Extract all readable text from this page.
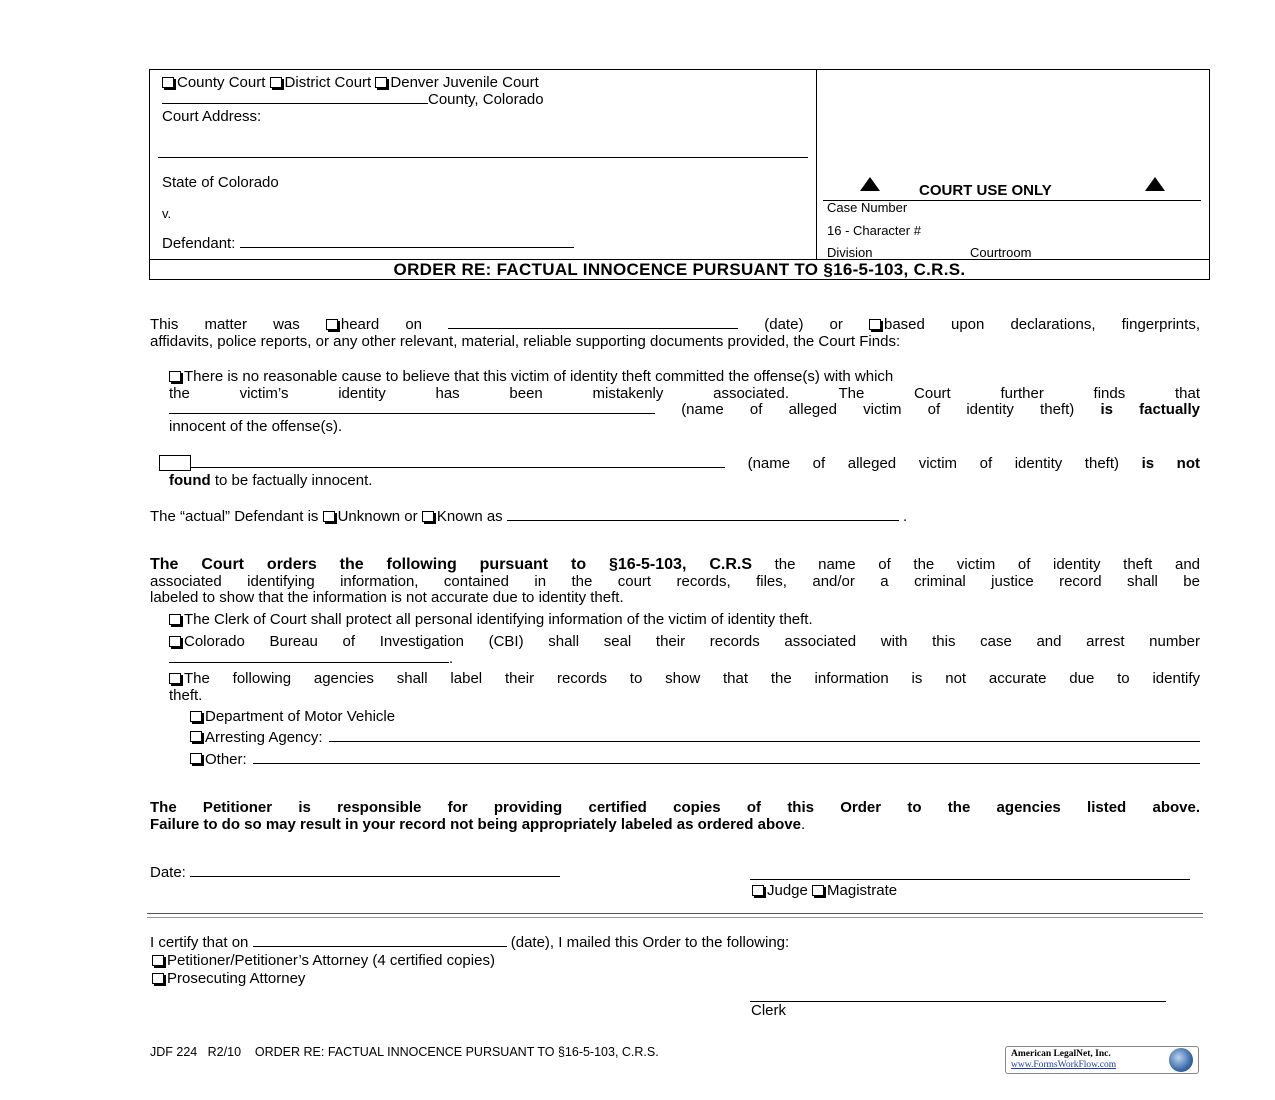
County Court District Court Denver Juvenile Court
County, Colorado
Court Address:
State of Colorado
v.
Defendant:
COURT USE ONLY
Case Number
16 - Character #
Division	Courtroom
ORDER RE: FACTUAL INNOCENCE PURSUANT TO §16-5-103, C.R.S.

This matter was	heard on	(date) or	based upon declarations, fingerprints,

affidavits, police reports, or any other relevant, material, reliable supporting documents provided, the Court Finds:

There is no reasonable cause to believe that this victim of identity theft committed the offense(s) with which

the victim’s identity has been mistakenly associated. The Court further finds that

(name of alleged victim of identity theft) is factually

innocent of the offense(s).

(name of alleged victim of identity theft) is not

found to be factually innocent.

The “actual” Defendant is Unknown or Known as	.

The Court orders the following pursuant to §16-5-103, C.R.S the name of the victim of identity theft and

associated identifying information, contained in the court records, files, and/or a criminal justice record shall be

labeled to show that the information is not accurate due to identity theft.

The Clerk of Court shall protect all personal identifying information of the victim of identity theft.

Colorado Bureau of Investigation (CBI) shall seal their records associated with this case and arrest number

.

The following agencies shall label their records to show that the information is not accurate due to identify

theft.

Department of Motor Vehicle
Arresting Agency:
Other:

The Petitioner is responsible for providing certified copies of this Order to the agencies listed above.

Failure to do so may result in your record not being appropriately labeled as ordered above.

Date:
Judge Magistrate
I certify that on	(date), I mailed this Order to the following:
Petitioner/Petitioner’s Attorney (4 certified copies)
Prosecuting Attorney
Clerk
JDF 224   R2/10    ORDER RE: FACTUAL INNOCENCE PURSUANT TO §16-5-103, C.R.S.	American LegalNet, Inc.
www.FormsWorkFlow.com
